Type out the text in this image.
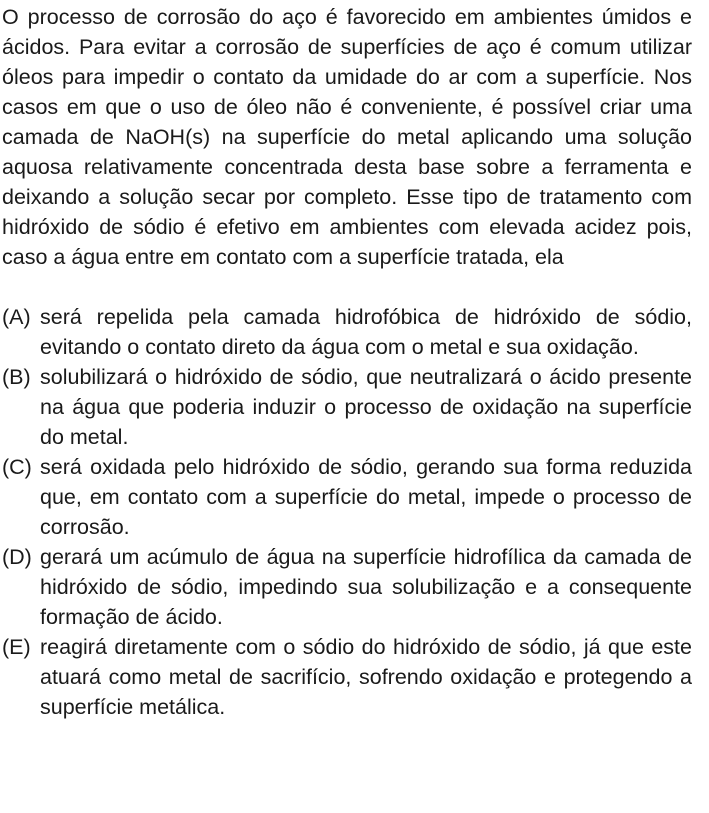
O processo de corrosão do aço é favorecido em ambientes úmidos e ácidos. Para evitar a corrosão de superfícies de aço é comum utilizar óleos para impedir o contato da umidade do ar com a superfície. Nos casos em que o uso de óleo não é conveniente, é possível criar uma camada de NaOH(s) na superfície do metal aplicando uma solução aquosa relativamente concentrada desta base sobre a ferramenta e deixando a solução secar por completo. Esse tipo de tratamento com hidróxido de sódio é efetivo em ambientes com elevada acidez pois, caso a água entre em contato com a superfície tratada, ela

(A) será repelida pela camada hidrofóbica de hidróxido de sódio, evitando o contato direto da água com o metal e sua oxidação.
(B) solubilizará o hidróxido de sódio, que neutralizará o ácido presente na água que poderia induzir o processo de oxidação na superfície do metal.
(C) será oxidada pelo hidróxido de sódio, gerando sua forma reduzida que, em contato com a superfície do metal, impede o processo de corrosão.
(D) gerará um acúmulo de água na superfície hidrofílica da camada de hidróxido de sódio, impedindo sua solubilização e a consequente formação de ácido.
(E) reagirá diretamente com o sódio do hidróxido de sódio, já que este atuará como metal de sacrifício, sofrendo oxidação e protegendo a superfície metálica.
